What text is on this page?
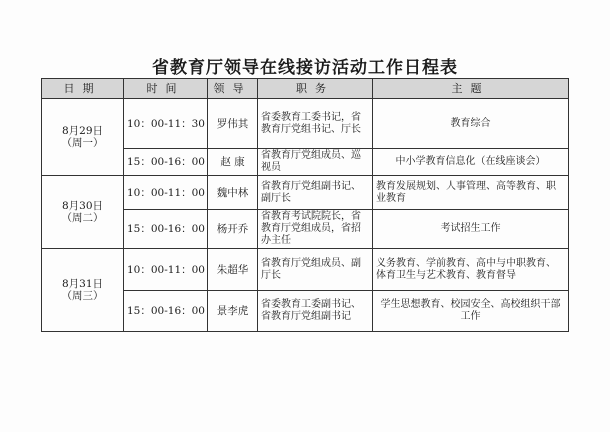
省教育厅领导在线接访活动工作日程表
日期	时间	领导	职务	主题

8月29日
（周一）	10：00-11：30	罗伟其	省委教育工委书记，省教育厅党组书记、厅长	教育综合
	15：00-16：00	赵 康	省教育厅党组成员、巡视员	中小学教育信息化（在线座谈会）

8月30日
（周二）	10：00-11：00	魏中林	省教育厅党组副书记、副厅长	教育发展规划、人事管理、高等教育、职业教育
	15：00-16：00	杨开乔	省教育考试院院长，省教育厅党组成员，省招办主任	考试招生工作

8月31日
（周三）	10：00-11：00	朱超华	省教育厅党组成员、副厅长	义务教育、学前教育、高中与中职教育、体育卫生与艺术教育、教育督导
	15：00-16：00	景李虎	省委教育工委副书记、省教育厅党组副书记	学生思想教育、校园安全、高校组织干部工作
